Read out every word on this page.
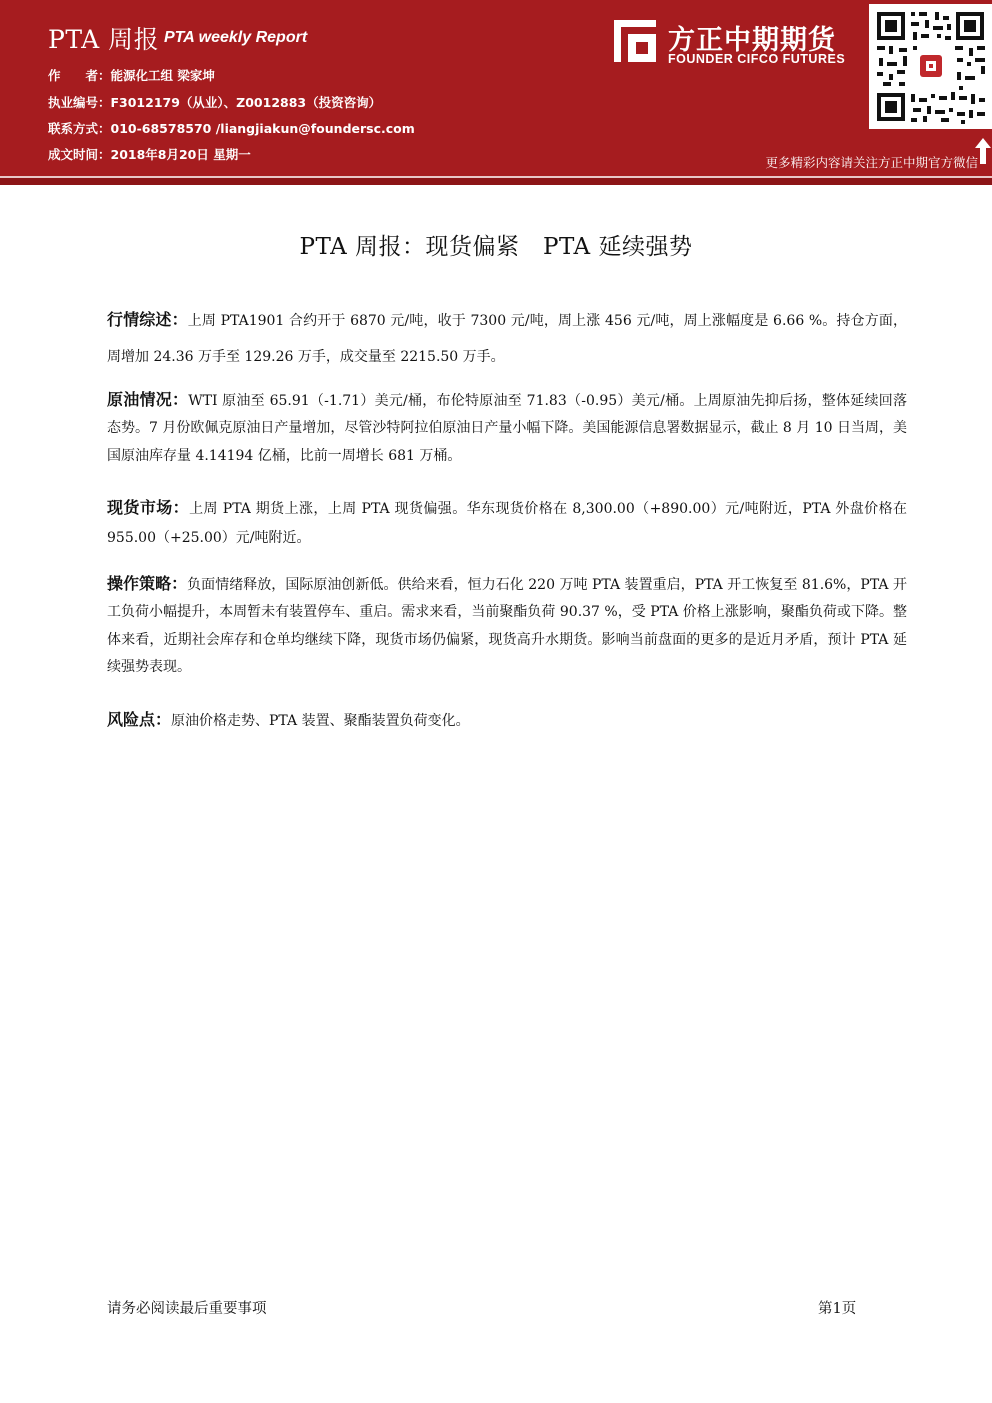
PTA 周报 PTA weekly Report
作　　者：能源化工组 梁家坤
执业编号：F3012179（从业）、Z0012883（投资咨询）
联系方式：010-68578570 /liangjiakun@foundersc.com
成文时间：2018年8月20日 星期一
方正中期期货
FOUNDER CIFCO FUTURES
更多精彩内容请关注方正中期官方微信
PTA 周报：现货偏紧　PTA 延续强势
行情综述：上周 PTA1901 合约开于 6870 元/吨，收于 7300 元/吨，周上涨 456 元/吨，周上涨幅度是 6.66 %。持仓方面，周增加 24.36 万手至 129.26 万手，成交量至 2215.50 万手。
原油情况：WTI 原油至 65.91（-1.71）美元/桶，布伦特原油至 71.83（-0.95）美元/桶。上周原油先抑后扬，整体延续回落态势。7 月份欧佩克原油日产量增加，尽管沙特阿拉伯原油日产量小幅下降。美国能源信息署数据显示，截止 8 月 10 日当周，美国原油库存量 4.14194 亿桶，比前一周增长 681 万桶。
现货市场：上周 PTA 期货上涨，上周 PTA 现货偏强。华东现货价格在 8,300.00（+890.00）元/吨附近，PTA 外盘价格在 955.00（+25.00）元/吨附近。
操作策略：负面情绪释放，国际原油创新低。供给来看，恒力石化 220 万吨 PTA 装置重启，PTA 开工恢复至 81.6%，PTA 开工负荷小幅提升，本周暂未有装置停车、重启。需求来看，当前聚酯负荷 90.37 %，受 PTA 价格上涨影响，聚酯负荷或下降。整体来看，近期社会库存和仓单均继续下降，现货市场仍偏紧，现货高升水期货。影响当前盘面的更多的是近月矛盾，预计 PTA 延续强势表现。
风险点：原油价格走势、PTA 装置、聚酯装置负荷变化。
请务必阅读最后重要事项	第1页
